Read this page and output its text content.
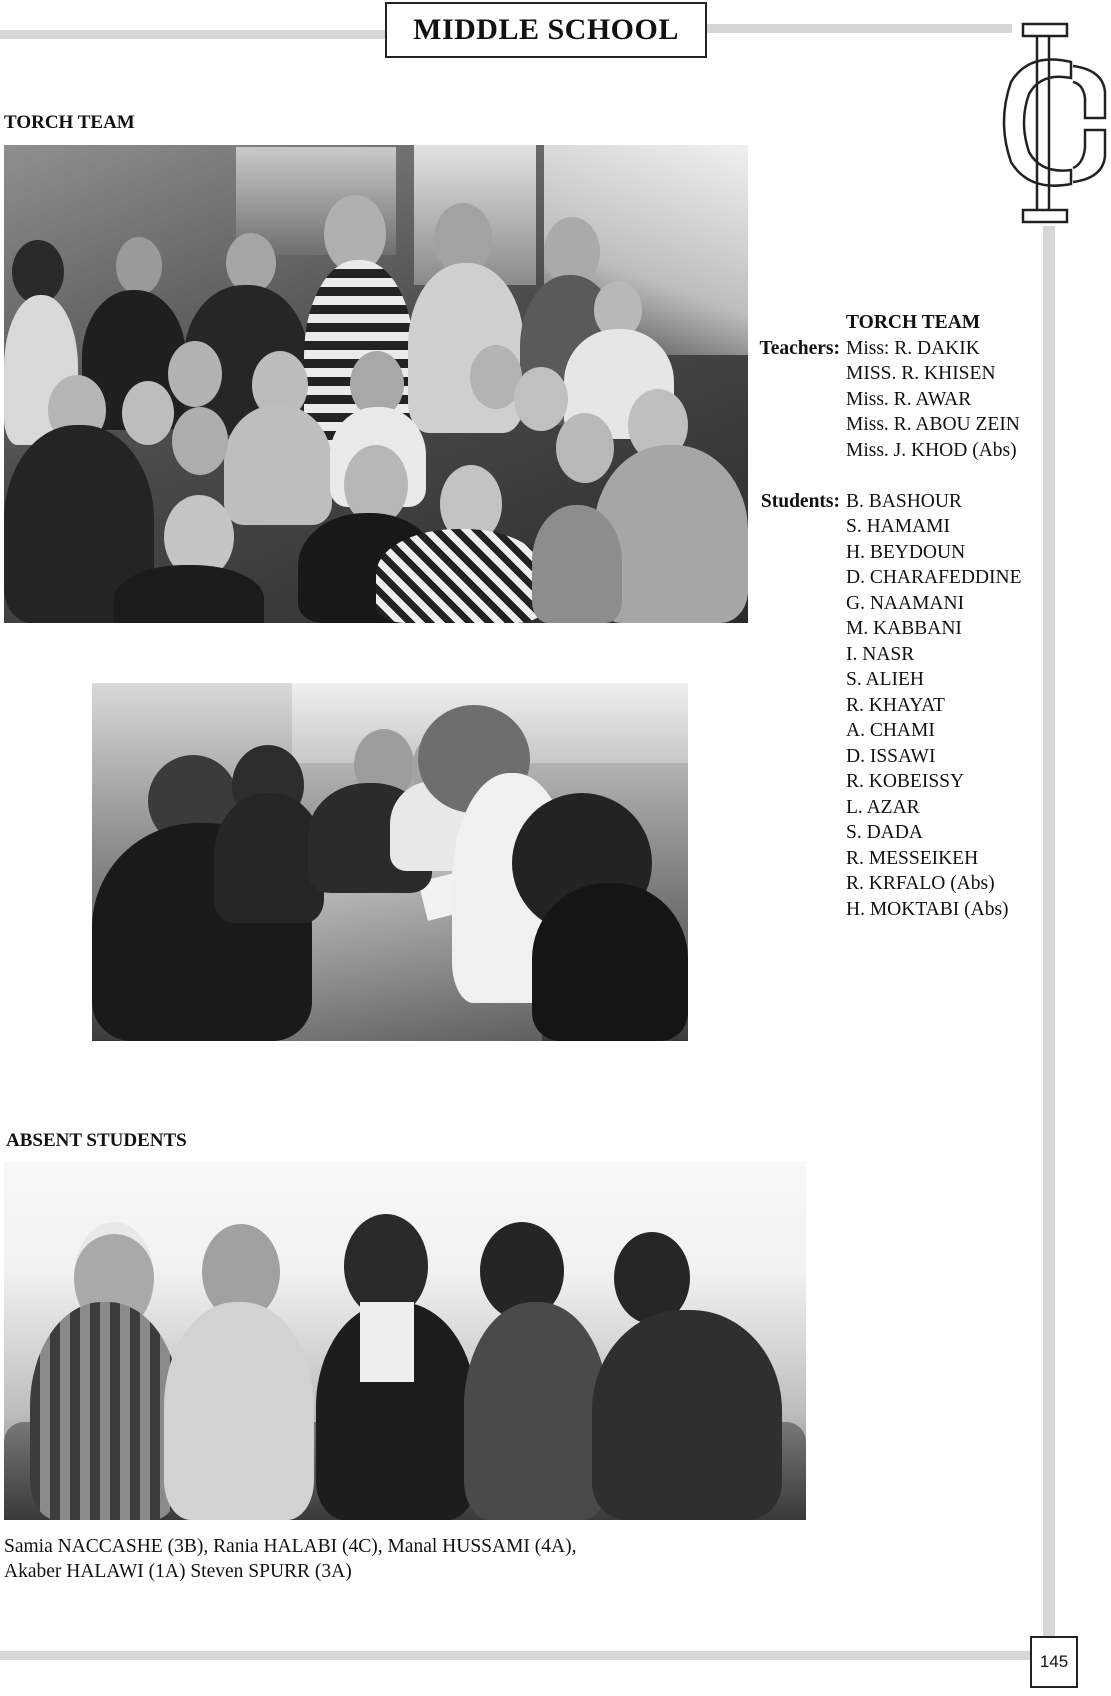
MIDDLE SCHOOL
TORCH TEAM
TORCH TEAM
Teachers: Miss: R. DAKIK
MISS. R. KHISEN
Miss. R. AWAR
Miss. R. ABOU ZEIN
Miss. J. KHOD (Abs)
Students: B. BASHOUR
S. HAMAMI
H. BEYDOUN
D. CHARAFEDDINE
G. NAAMANI
M. KABBANI
I. NASR
S. ALIEH
R. KHAYAT
A. CHAMI
D. ISSAWI
R. KOBEISSY
L. AZAR
S. DADA
R. MESSEIKEH
R. KRFALO (Abs)
H. MOKTABI (Abs)
ABSENT STUDENTS
Samia NACCASHE (3B), Rania HALABI (4C), Manal HUSSAMI (4A),
Akaber HALAWI (1A) Steven SPURR (3A)
145
